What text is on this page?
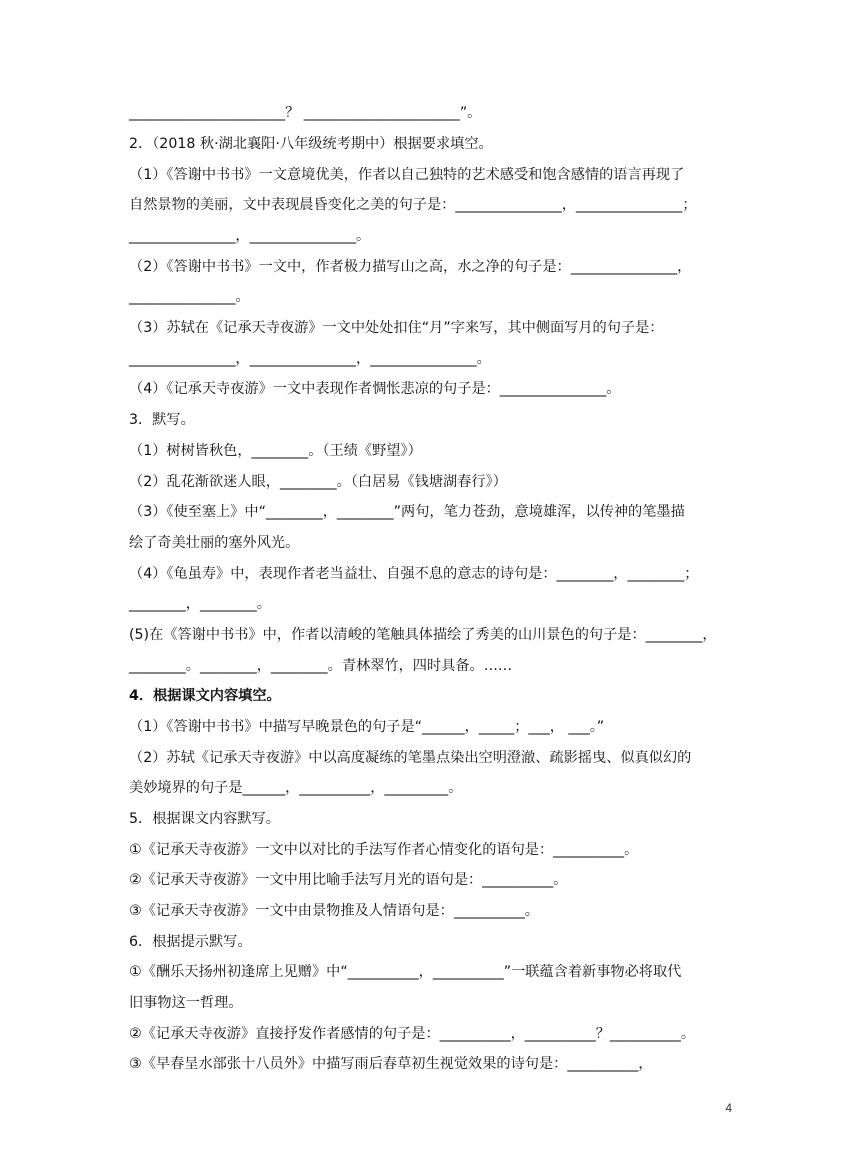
______________________？ ______________________”。
2．（2018 秋·湖北襄阳·八年级统考期中）根据要求填空。
（1）《答谢中书书》一文意境优美，作者以自己独特的艺术感受和饱含感情的语言再现了
自然景物的美丽，文中表现晨昏变化之美的句子是：_______________，_______________；
_______________，_______________。
（2）《答谢中书书》一文中，作者极力描写山之高，水之净的句子是：_______________，
_______________。
（3）苏轼在《记承天寺夜游》一文中处处扣住“月”字来写，其中侧面写月的句子是：
_______________，_______________，_______________。
（4）《记承天寺夜游》一文中表现作者惆怅悲凉的句子是：_______________。
3．默写。
（1）树树皆秋色，________。（王绩《野望》）
（2）乱花渐欲迷人眼，________。（白居易《钱塘湖春行》）
（3）《使至塞上》中“________，________”两句，笔力苍劲，意境雄浑，以传神的笔墨描
绘了奇美壮丽的塞外风光。
（4）《龟虽寿》中，表现作者老当益壮、自强不息的意志的诗句是：________，________；
________，________。
(5)在《答谢中书书》中，作者以清峻的笔触具体描绘了秀美的山川景色的句子是：________，
________。________，________。青林翠竹，四时具备。……
4．根据课文内容填空。
（1）《答谢中书书》中描写早晚景色的句子是“______，_____；___， ___。”
（2）苏轼《记承天寺夜游》中以高度凝练的笔墨点染出空明澄澈、疏影摇曳、似真似幻的
美妙境界的句子是______，__________，_________。
5．根据课文内容默写。
①《记承天寺夜游》一文中以对比的手法写作者心情变化的语句是：__________。
②《记承天寺夜游》一文中用比喻手法写月光的语句是：__________。
③《记承天寺夜游》一文中由景物推及人情语句是：__________。
6．根据提示默写。
①《酬乐天扬州初逢席上见赠》中“__________，__________”一联蕴含着新事物必将取代
旧事物这一哲理。
②《记承天寺夜游》直接抒发作者感情的句子是：__________，__________？__________。
③《早春呈水部张十八员外》中描写雨后春草初生视觉效果的诗句是：__________，
4
